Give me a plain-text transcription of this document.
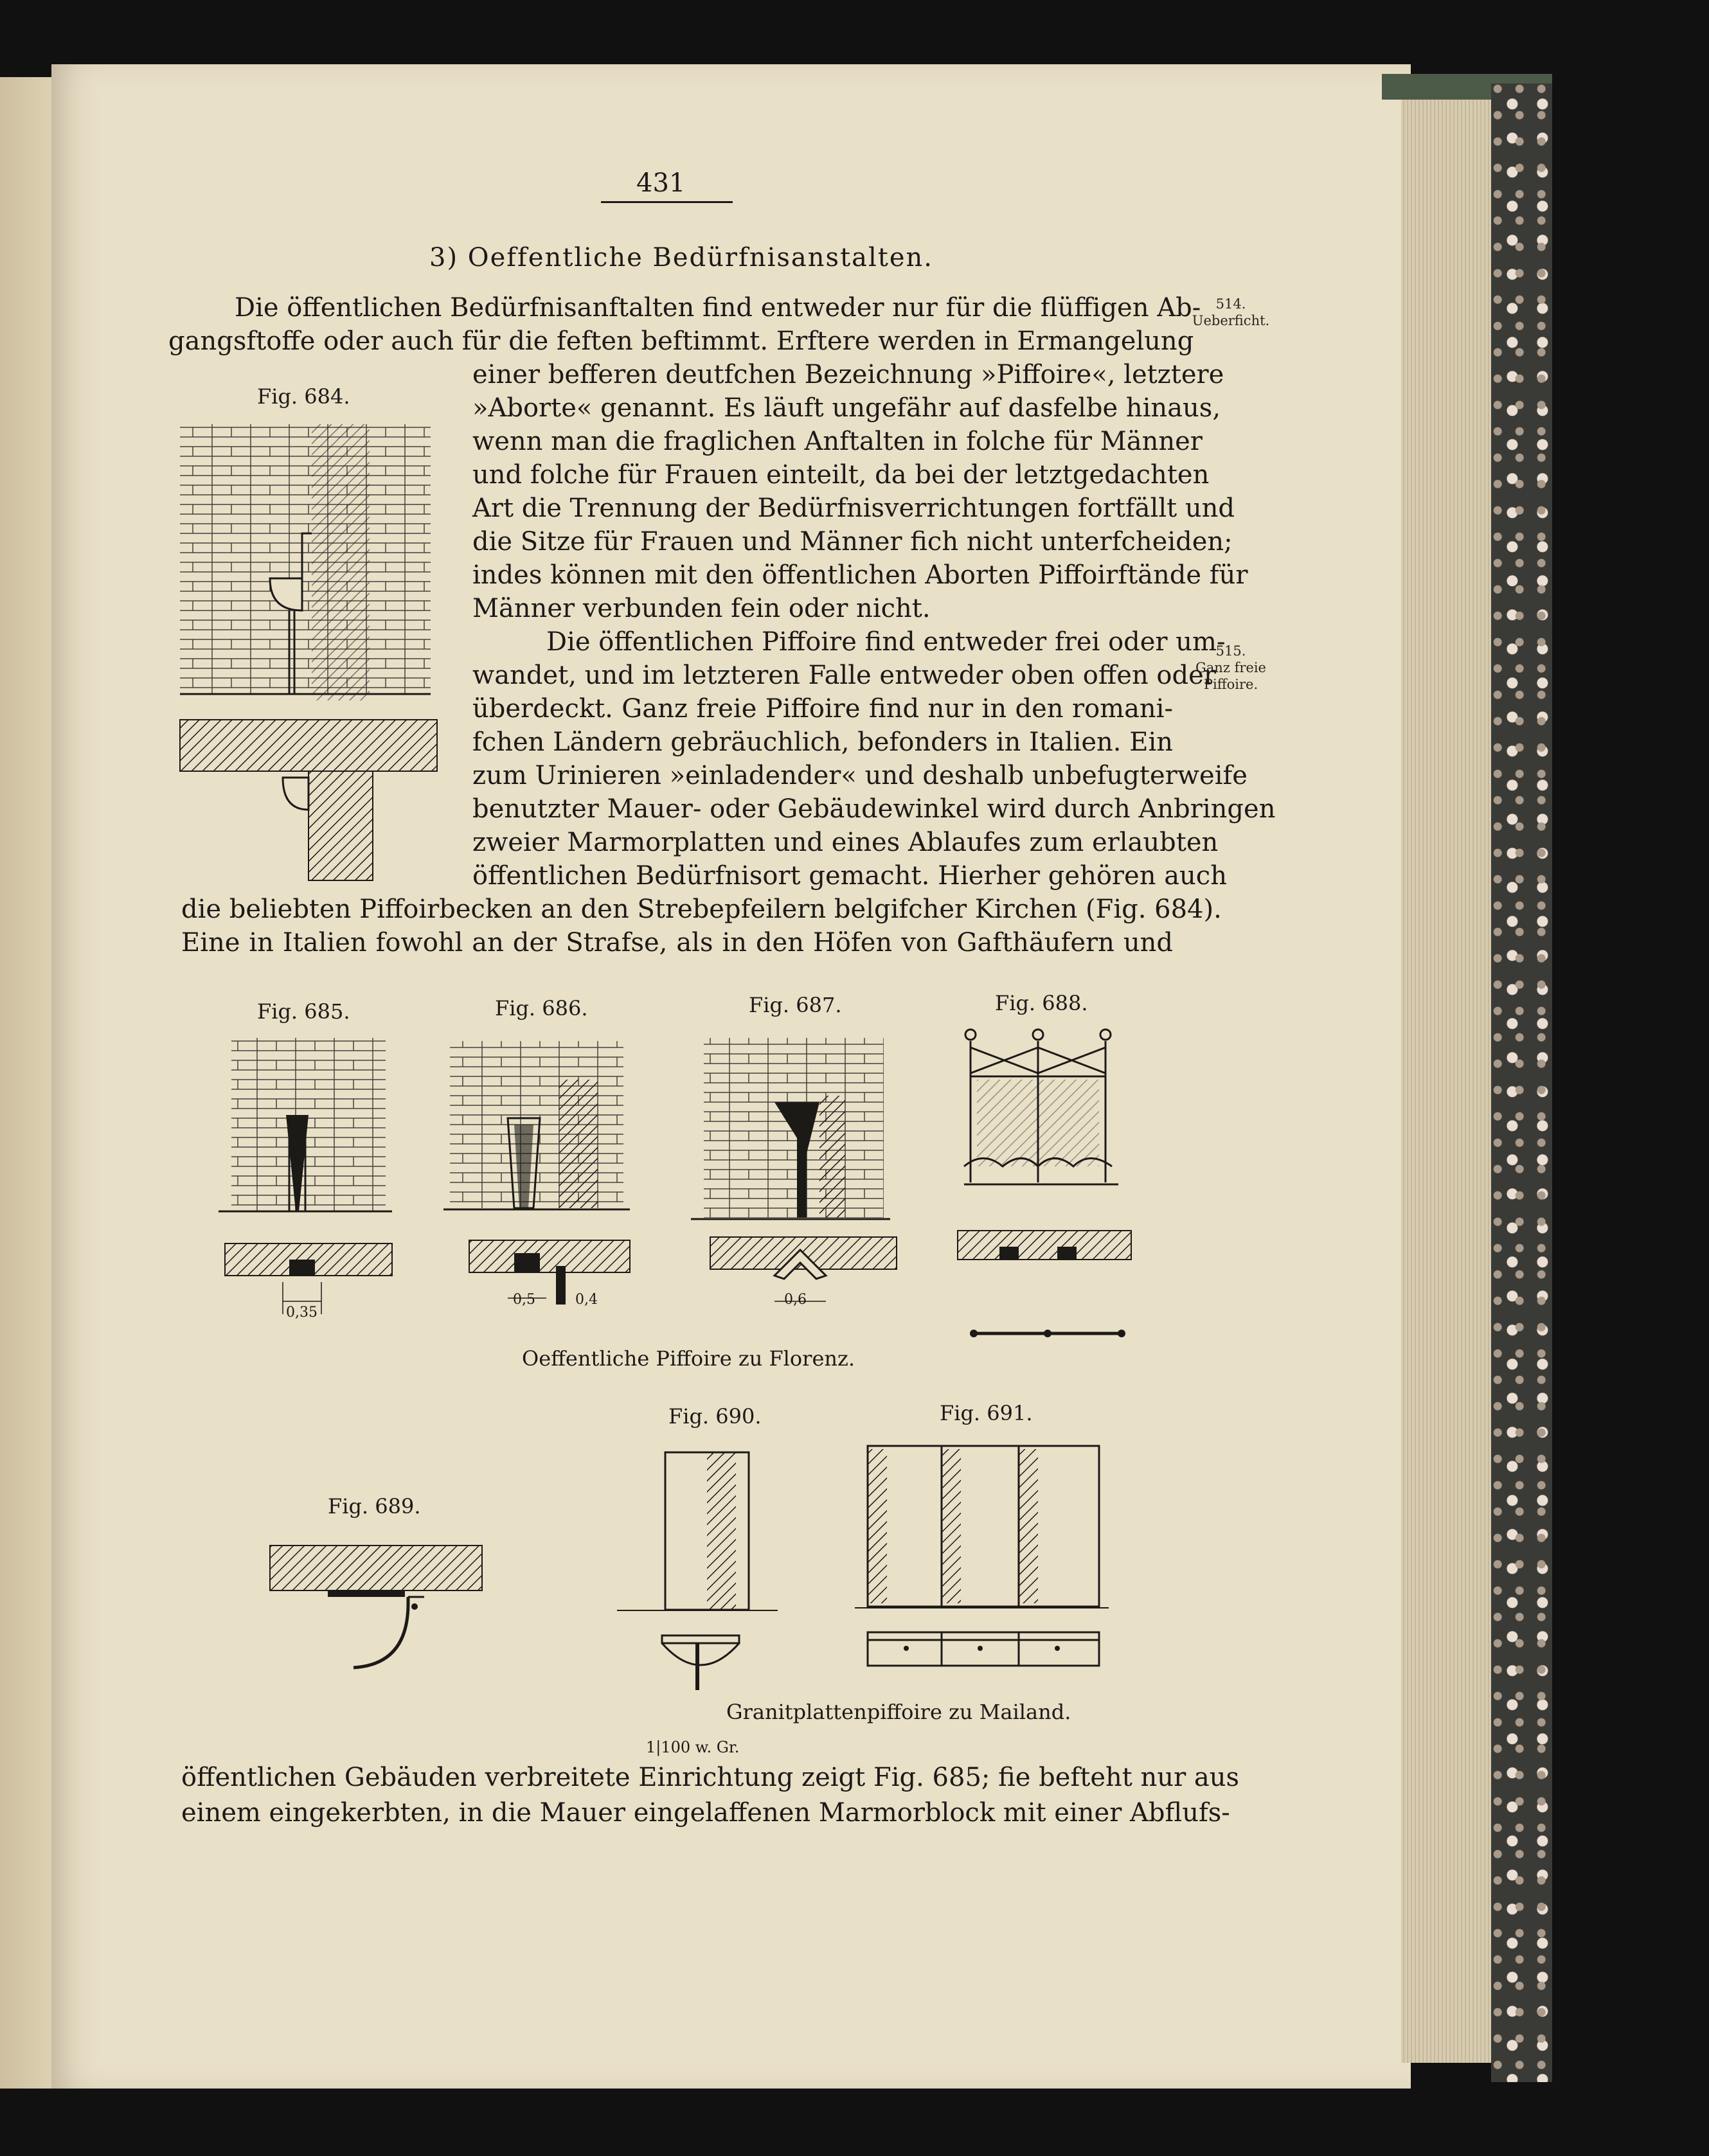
431
3) Oeffentliche Bedürfnisanstalten.
514.
Ueberficht.
515.
Ganz freie Piffoire.
Die öffentlichen Bedürfnisanftalten find entweder nur für die flüffigen Ab-
gangsftoffe oder auch für die feften beftimmt. Erftere werden in Ermangelung
einer befferen deutfchen Bezeichnung »Piffoire«, letztere
»Aborte« genannt. Es läuft ungefähr auf dasfelbe hinaus,
wenn man die fraglichen Anftalten in folche für Männer
und folche für Frauen einteilt, da bei der letztgedachten
Art die Trennung der Bedürfnisverrichtungen fortfällt und
die Sitze für Frauen und Männer fich nicht unterfcheiden;
indes können mit den öffentlichen Aborten Piffoirftände für
Männer verbunden fein oder nicht.
Die öffentlichen Piffoire find entweder frei oder um-
wandet, und im letzteren Falle entweder oben offen oder
überdeckt. Ganz freie Piffoire find nur in den romani-
fchen Ländern gebräuchlich, befonders in Italien. Ein
zum Urinieren »einladender« und deshalb unbefugterweife
benutzter Mauer- oder Gebäudewinkel wird durch Anbringen
zweier Marmorplatten und eines Ablaufes zum erlaubten
öffentlichen Bedürfnisort gemacht. Hierher gehören auch
die beliebten Piffoirbecken an den Strebepfeilern belgifcher Kirchen (Fig. 684).
Eine in Italien fowohl an der Strafse, als in den Höfen von Gafthäufern und
öffentlichen Gebäuden verbreitete Einrichtung zeigt Fig. 685; fie befteht nur aus
einem eingekerbten, in die Mauer eingelaffenen Marmorblock mit einer Abflufs-
Fig. 684.
Fig. 685.
0,35
Fig. 686.
0,5	0,4
Fig. 687.
0,6
Fig. 688.
Oeffentliche Piffoire zu Florenz.
Fig. 689.
Fig. 690.	Fig. 691.
Granitplattenpiffoire zu Mailand.
1|100 w. Gr.
